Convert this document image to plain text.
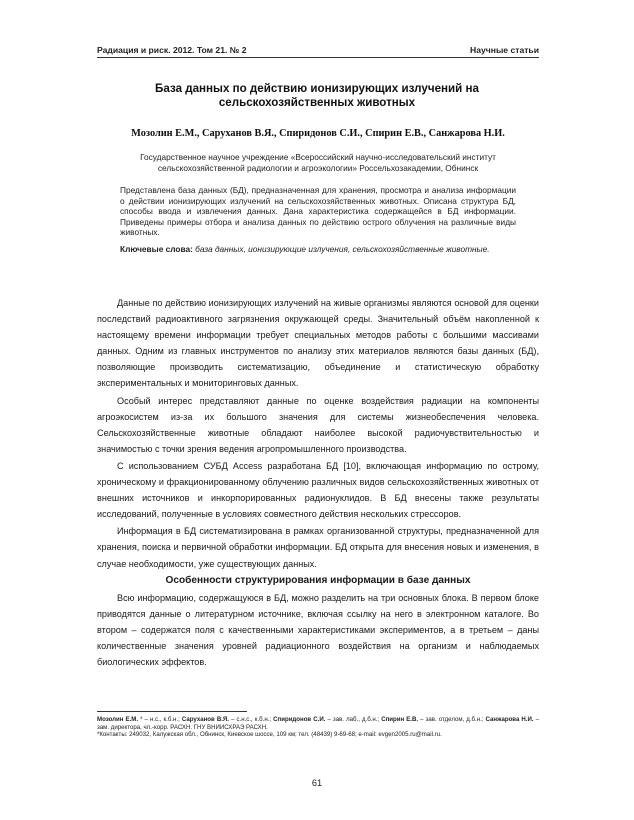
Радиация и риск. 2012. Том 21. № 2	Научные статьи
База данных по действию ионизирующих излучений на
сельскохозяйственных животных
Мозолин Е.М., Саруханов В.Я., Спиридонов С.И., Спирин Е.В., Санжарова Н.И.
Государственное научное учреждение «Всероссийский научно-исследовательский институт
сельскохозяйственной радиологии и агроэкологии» Россельхозакадемии, Обнинск

Представлена база данных (БД), предназначенная для хранения, просмотра и анализа информации о действии ионизирующих излучений на сельскохозяйственных животных. Описана структура БД, способы ввода и извлечения данных. Дана характеристика содержащейся в БД информации. Приведены примеры отбора и анализа данных по действию острого облучения на различные виды животных.

Ключевые слова: база данных, ионизирующие излучения, сельскохозяйственные животные.

Данные по действию ионизирующих излучений на живые организмы являются основой для оценки последствий радиоактивного загрязнения окружающей среды. Значительный объём накопленной к настоящему времени информации требует специальных методов работы с большими массивами данных. Одним из главных инструментов по анализу этих материалов являются базы данных (БД), позволяющие производить систематизацию, объединение и статистическую обработку экспериментальных и мониторинговых данных.

Особый интерес представляют данные по оценке воздействия радиации на компоненты агроэкосистем из-за их большого значения для системы жизнеобеспечения человека. Сельскохозяйственные животные обладают наиболее высокой радиочувствительностью и значимостью с точки зрения ведения агропромышленного производства.

С использованием СУБД Access разработана БД [10], включающая информацию по острому, хроническому и фракционированному облучению различных видов сельскохозяйственных животных от внешних источников и инкорпорированных радионуклидов. В БД внесены также результаты исследований, полученные в условиях совместного действия нескольких стрессоров.

Информация в БД систематизирована в рамках организованной структуры, предназначенной для хранения, поиска и первичной обработки информации. БД открыта для внесения новых и изменения, в случае необходимости, уже существующих данных.

Особенности структурирования информации в базе данных

Всю информацию, содержащуюся в БД, можно разделить на три основных блока. В первом блоке приводятся данные о литературном источнике, включая ссылку на него в электронном каталоге. Во втором – содержатся поля с качественными характеристиками экспериментов, а в третьем – даны количественные значения уровней радиационного воздействия на организм и наблюдаемых биологических эффектов.

Мозолин Е.М. * – н.с., к.б.н.; Саруханов В.Я. – с.н.с., к.б.н.; Спиридонов С.И. – зав. лаб., д.б.н.; Спирин Е.В. – зав. отделом, д.б.н.; Санжарова Н.И. – зам. директора, чл.-корр. РАСХН. ГНУ ВНИИСХРАЭ РАСХН.

*Контакты: 249032, Калужская обл., Обнинск, Киевское шоссе, 109 км; тел. (48439) 9-69-68; e-mail: evgen2005.ru@mail.ru.

61
